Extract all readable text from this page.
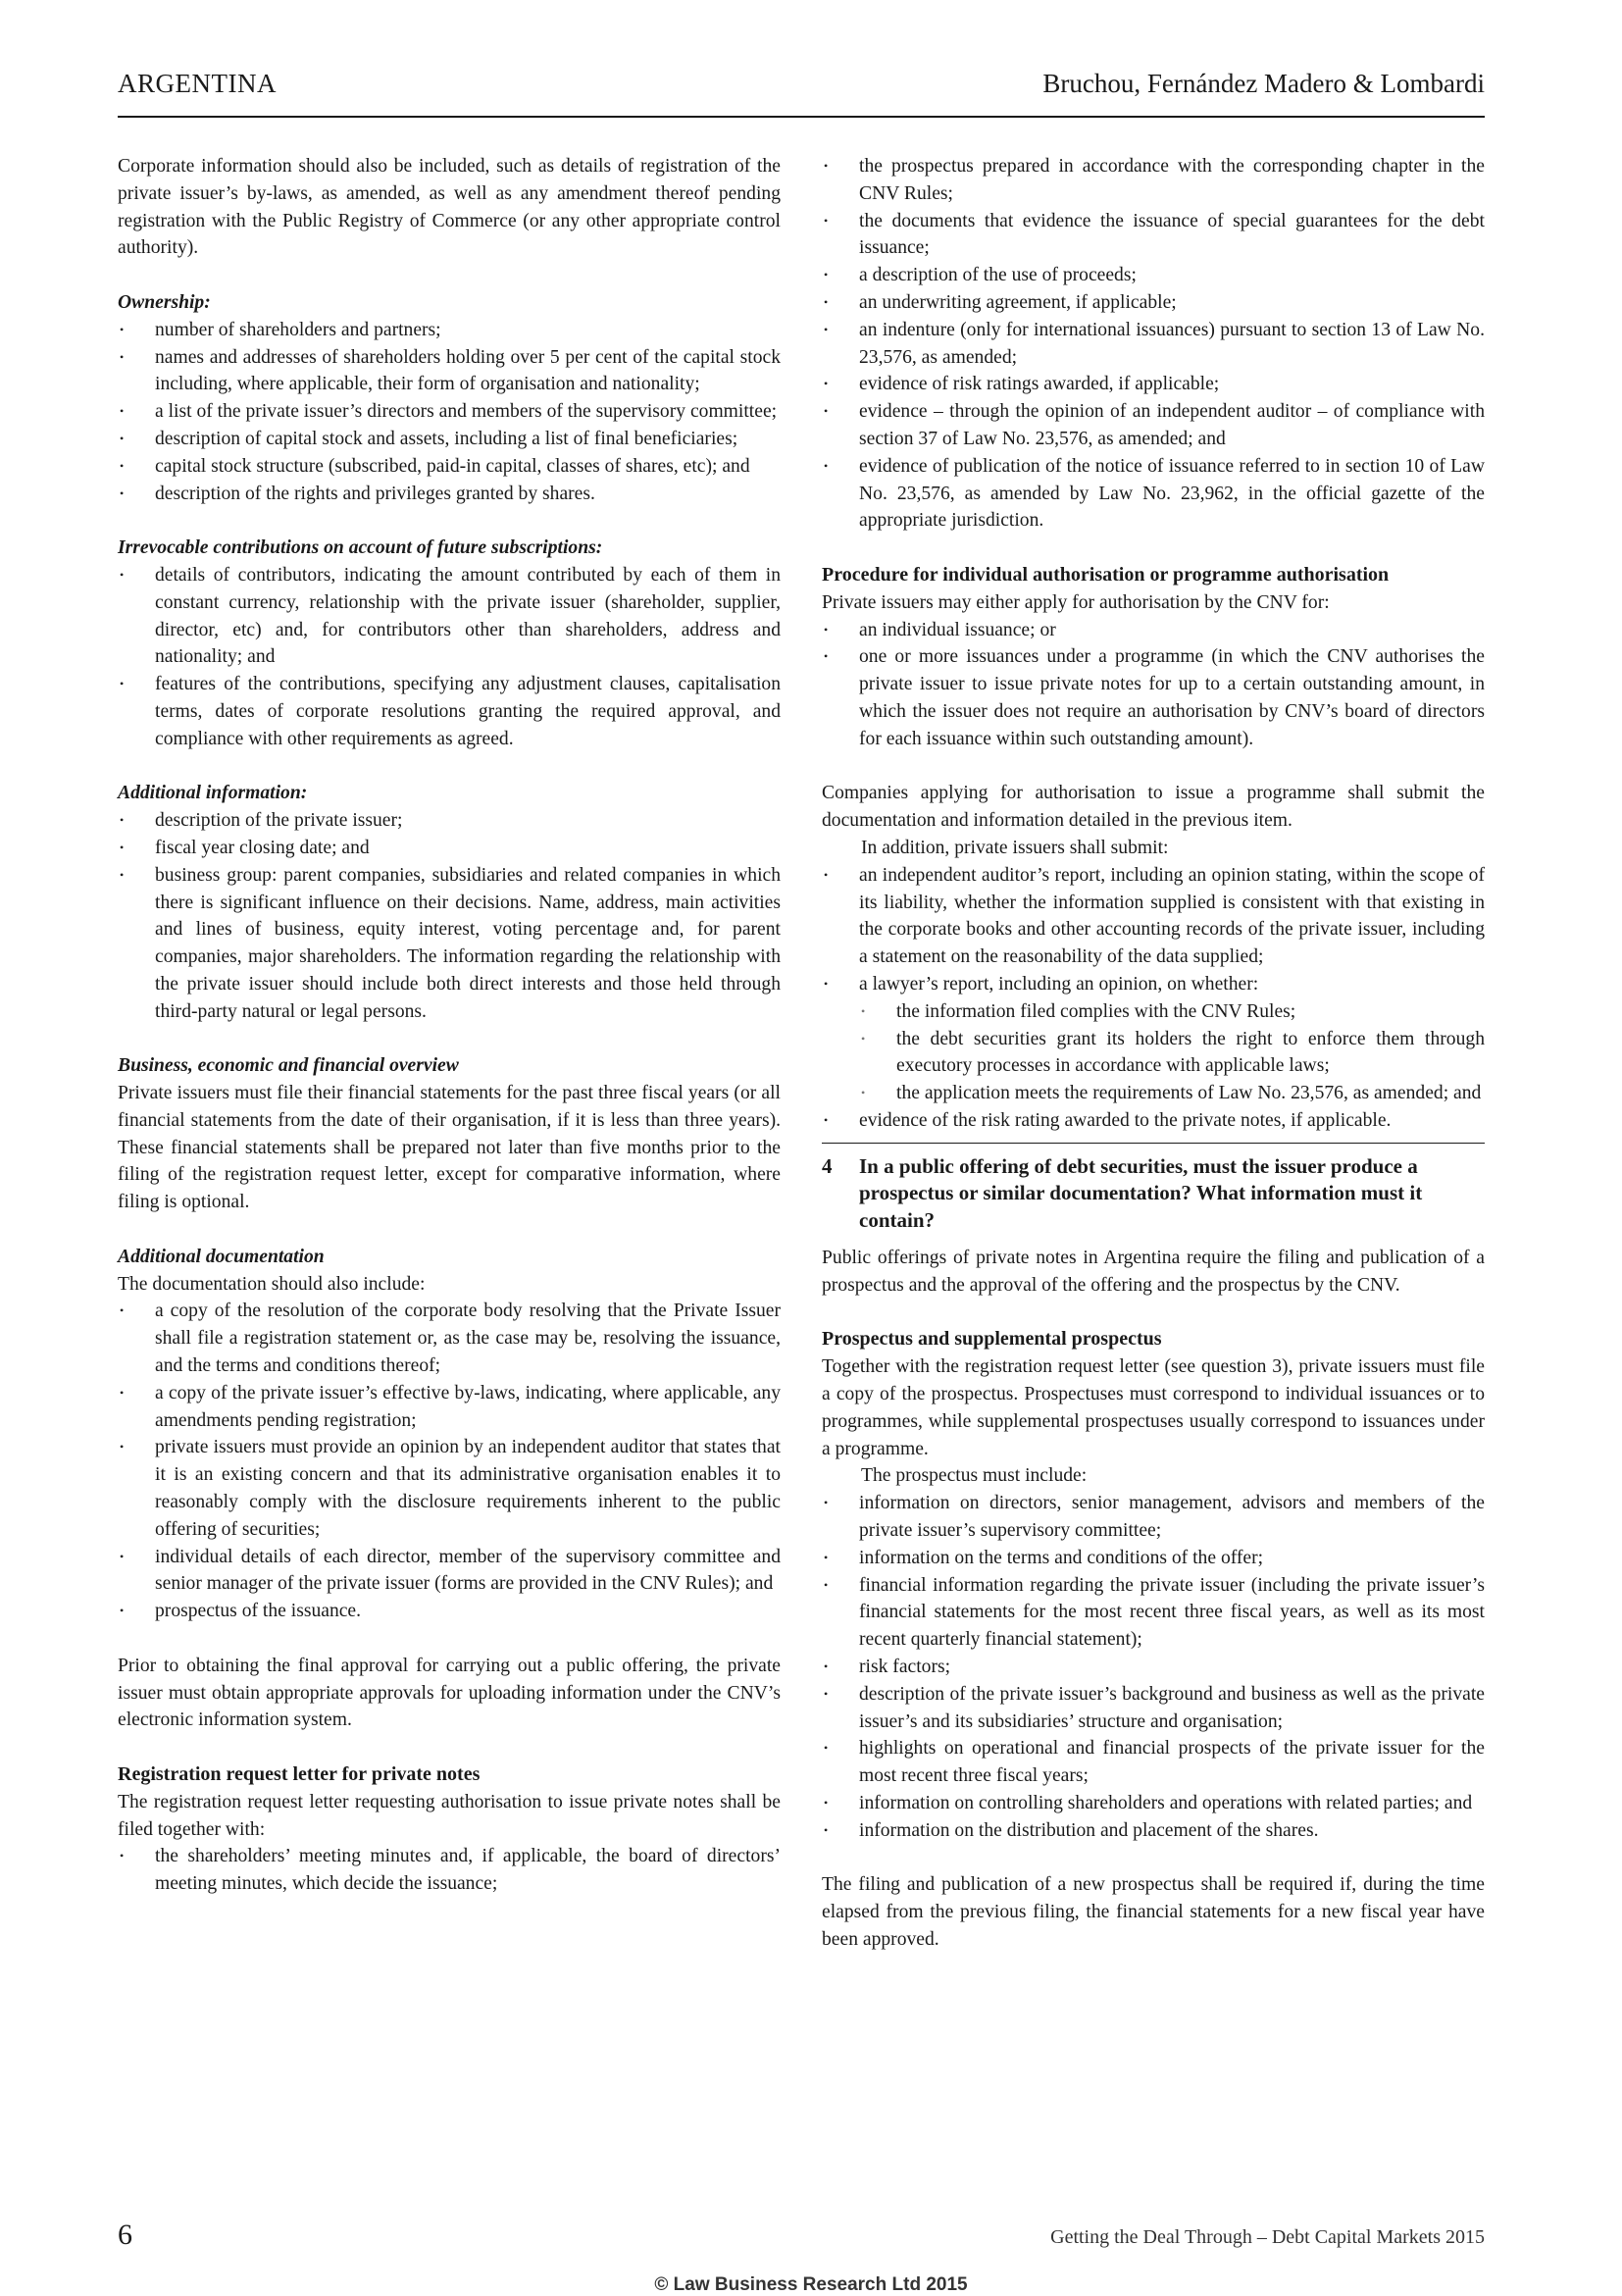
ARGENTINA	Bruchou, Fernández Madero & Lombardi

Corporate information should also be included, such as details of registration of the private issuer’s by-laws, as amended, as well as any amendment thereof pending registration with the Public Registry of Commerce (or any other appropriate control authority).

Ownership:

• number of shareholders and partners;
• names and addresses of shareholders holding over 5 per cent of the capital stock including, where applicable, their form of organisation and nationality;
• a list of the private issuer’s directors and members of the supervisory committee;
• description of capital stock and assets, including a list of final beneficiaries;
• capital stock structure (subscribed, paid-in capital, classes of shares, etc); and
• description of the rights and privileges granted by shares.

Irrevocable contributions on account of future subscriptions:

• details of contributors, indicating the amount contributed by each of them in constant currency, relationship with the private issuer (shareholder, supplier, director, etc) and, for contributors other than shareholders, address and nationality; and
• features of the contributions, specifying any adjustment clauses, capitalisation terms, dates of corporate resolutions granting the required approval, and compliance with other requirements as agreed.

Additional information:

• description of the private issuer;
• fiscal year closing date; and
• business group: parent companies, subsidiaries and related companies in which there is significant influence on their decisions. Name, address, main activities and lines of business, equity interest, voting percentage and, for parent companies, major shareholders. The information regarding the relationship with the private issuer should include both direct interests and those held through third-party natural or legal persons.

Business, economic and financial overview

Private issuers must file their financial statements for the past three fiscal years (or all financial statements from the date of their organisation, if it is less than three years). These financial statements shall be prepared not later than five months prior to the filing of the registration request letter, except for comparative information, where filing is optional.

Additional documentation

The documentation should also include:

• a copy of the resolution of the corporate body resolving that the Private Issuer shall file a registration statement or, as the case may be, resolving the issuance, and the terms and conditions thereof;
• a copy of the private issuer’s effective by-laws, indicating, where applicable, any amendments pending registration;
• private issuers must provide an opinion by an independent auditor that states that it is an existing concern and that its administrative organisation enables it to reasonably comply with the disclosure requirements inherent to the public offering of securities;
• individual details of each director, member of the supervisory committee and senior manager of the private issuer (forms are provided in the CNV Rules); and
• prospectus of the issuance.

Prior to obtaining the final approval for carrying out a public offering, the private issuer must obtain appropriate approvals for uploading information under the CNV’s electronic information system.

Registration request letter for private notes

The registration request letter requesting authorisation to issue private notes shall be filed together with:

• the shareholders’ meeting minutes and, if applicable, the board of directors’ meeting minutes, which decide the issuance;
• the prospectus prepared in accordance with the corresponding chapter in the CNV Rules;
• the documents that evidence the issuance of special guarantees for the debt issuance;
• a description of the use of proceeds;
• an underwriting agreement, if applicable;
• an indenture (only for international issuances) pursuant to section 13 of Law No. 23,576, as amended;
• evidence of risk ratings awarded, if applicable;
• evidence – through the opinion of an independent auditor – of compliance with section 37 of Law No. 23,576, as amended; and
• evidence of publication of the notice of issuance referred to in section 10 of Law No. 23,576, as amended by Law No. 23,962, in the official gazette of the appropriate jurisdiction.

Procedure for individual authorisation or programme authorisation

Private issuers may either apply for authorisation by the CNV for:

• an individual issuance; or
• one or more issuances under a programme (in which the CNV authorises the private issuer to issue private notes for up to a certain outstanding amount, in which the issuer does not require an authorisation by CNV’s board of directors for each issuance within such outstanding amount).

Companies applying for authorisation to issue a programme shall submit the documentation and information detailed in the previous item.

In addition, private issuers shall submit:

• an independent auditor’s report, including an opinion stating, within the scope of its liability, whether the information supplied is consistent with that existing in the corporate books and other accounting records of the private issuer, including a statement on the reasonability of the data supplied;
• a lawyer’s report, including an opinion, on whether:
• the information filed complies with the CNV Rules;
• the debt securities grant its holders the right to enforce them through executory processes in accordance with applicable laws;
• the application meets the requirements of Law No. 23,576, as amended; and
• evidence of the risk rating awarded to the private notes, if applicable.
4 In a public offering of debt securities, must the issuer produce a prospectus or similar documentation? What information must it contain?

Public offerings of private notes in Argentina require the filing and publication of a prospectus and the approval of the offering and the prospectus by the CNV.

Prospectus and supplemental prospectus

Together with the registration request letter (see question 3), private issuers must file a copy of the prospectus. Prospectuses must correspond to individual issuances or to programmes, while supplemental prospectuses usually correspond to issuances under a programme.

The prospectus must include:

• information on directors, senior management, advisors and members of the private issuer’s supervisory committee;
• information on the terms and conditions of the offer;
• financial information regarding the private issuer (including the private issuer’s financial statements for the most recent three fiscal years, as well as its most recent quarterly financial statement);
• risk factors;
• description of the private issuer’s background and business as well as the private issuer’s and its subsidiaries’ structure and organisation;
• highlights on operational and financial prospects of the private issuer for the most recent three fiscal years;
• information on controlling shareholders and operations with related parties; and
• information on the distribution and placement of the shares.

The filing and publication of a new prospectus shall be required if, during the time elapsed from the previous filing, the financial statements for a new fiscal year have been approved.

6	Getting the Deal Through – Debt Capital Markets 2015
© Law Business Research Ltd 2015
